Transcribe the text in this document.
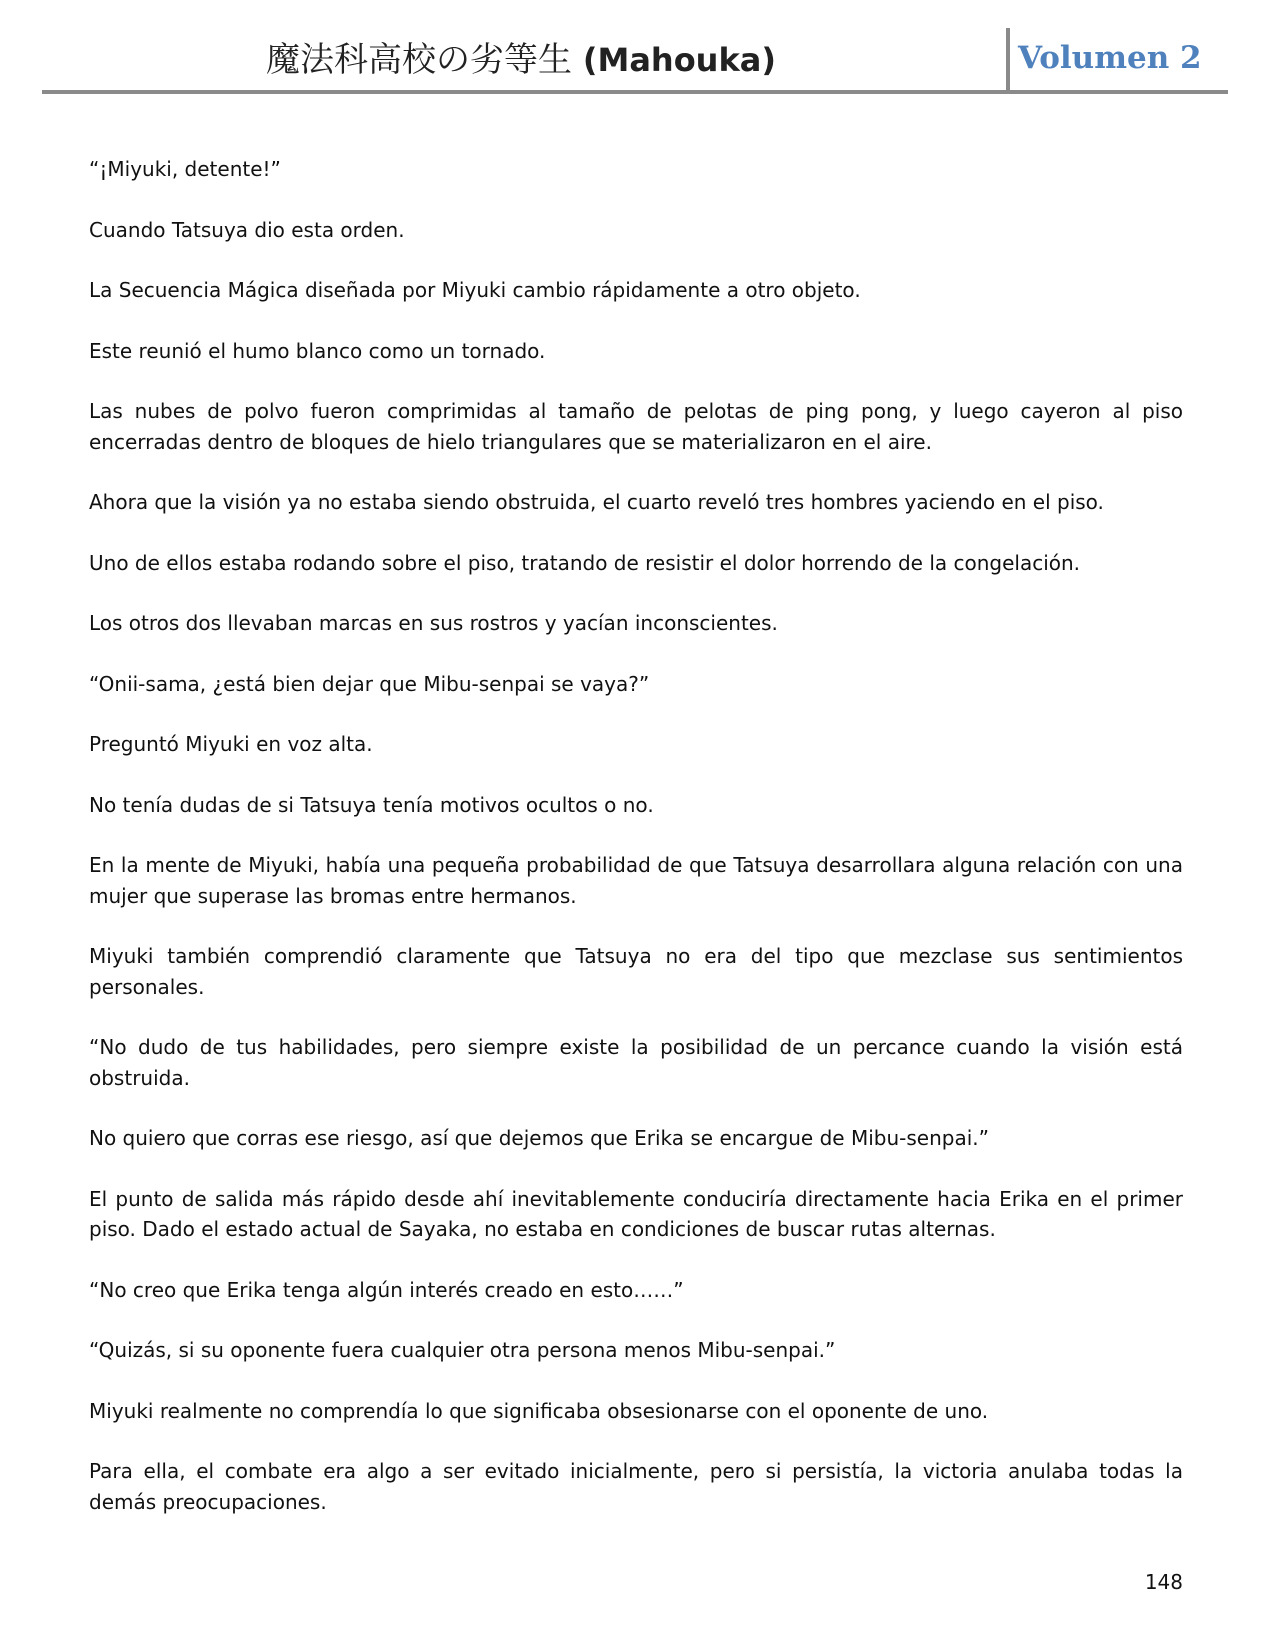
魔法科高校の劣等生 (Mahouka)	Volumen 2

“¡Miyuki, detente!”

Cuando Tatsuya dio esta orden.

La Secuencia Mágica diseñada por Miyuki cambio rápidamente a otro objeto.

Este reunió el humo blanco como un tornado.

Las nubes de polvo fueron comprimidas al tamaño de pelotas de ping pong, y luego cayeron al piso encerradas dentro de bloques de hielo triangulares que se materializaron en el aire.

Ahora que la visión ya no estaba siendo obstruida, el cuarto reveló tres hombres yaciendo en el piso.

Uno de ellos estaba rodando sobre el piso, tratando de resistir el dolor horrendo de la congelación.

Los otros dos llevaban marcas en sus rostros y yacían inconscientes.

“Onii-sama, ¿está bien dejar que Mibu-senpai se vaya?”

Preguntó Miyuki en voz alta.

No tenía dudas de si Tatsuya tenía motivos ocultos o no.

En la mente de Miyuki, había una pequeña probabilidad de que Tatsuya desarrollara alguna relación con una mujer que superase las bromas entre hermanos.

Miyuki también comprendió claramente que Tatsuya no era del tipo que mezclase sus sentimientos personales.

“No dudo de tus habilidades, pero siempre existe la posibilidad de un percance cuando la visión está obstruida.

No quiero que corras ese riesgo, así que dejemos que Erika se encargue de Mibu-senpai.”

El punto de salida más rápido desde ahí inevitablemente conduciría directamente hacia Erika en el primer piso. Dado el estado actual de Sayaka, no estaba en condiciones de buscar rutas alternas.

“No creo que Erika tenga algún interés creado en esto……”

“Quizás, si su oponente fuera cualquier otra persona menos Mibu-senpai.”

Miyuki realmente no comprendía lo que significaba obsesionarse con el oponente de uno.

Para ella, el combate era algo a ser evitado inicialmente, pero si persistía, la victoria anulaba todas la demás preocupaciones.

148
